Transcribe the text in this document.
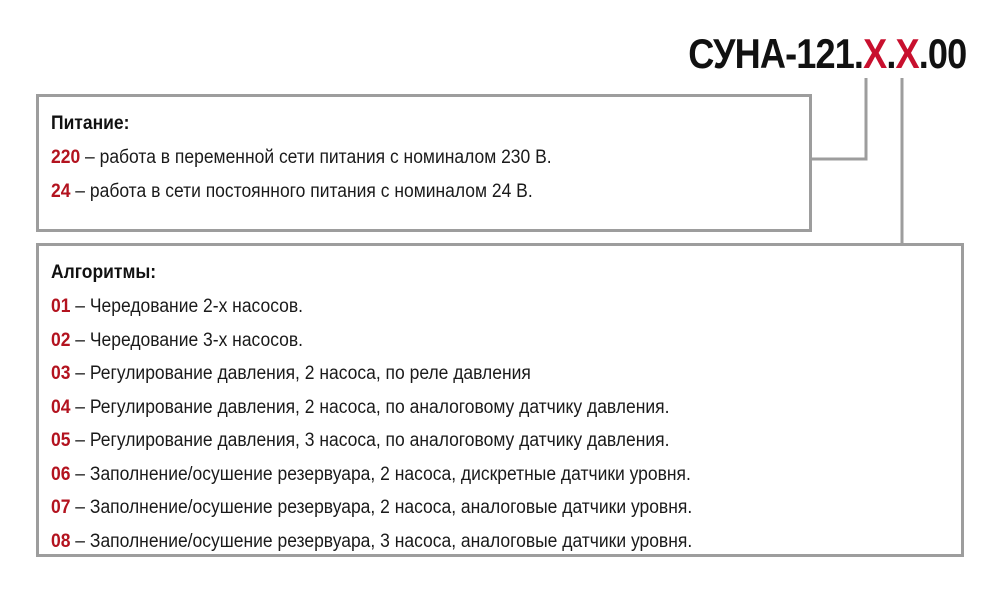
СУНА-121.X.X.00
Питание:
220 – работа в переменной сети питания с номиналом 230 В.
24 – работа в сети постоянного питания с номиналом 24 В.
Алгоритмы:
01 – Чередование 2-х насосов.
02 – Чередование 3-х насосов.
03 – Регулирование давления, 2 насоса, по реле давления
04 – Регулирование давления, 2 насоса, по аналоговому датчику давления.
05 – Регулирование давления, 3 насоса, по аналоговому датчику давления.
06 – Заполнение/осушение резервуара, 2 насоса, дискретные датчики уровня.
07 – Заполнение/осушение резервуара, 2 насоса, аналоговые датчики уровня.
08 – Заполнение/осушение резервуара, 3 насоса, аналоговые датчики уровня.
